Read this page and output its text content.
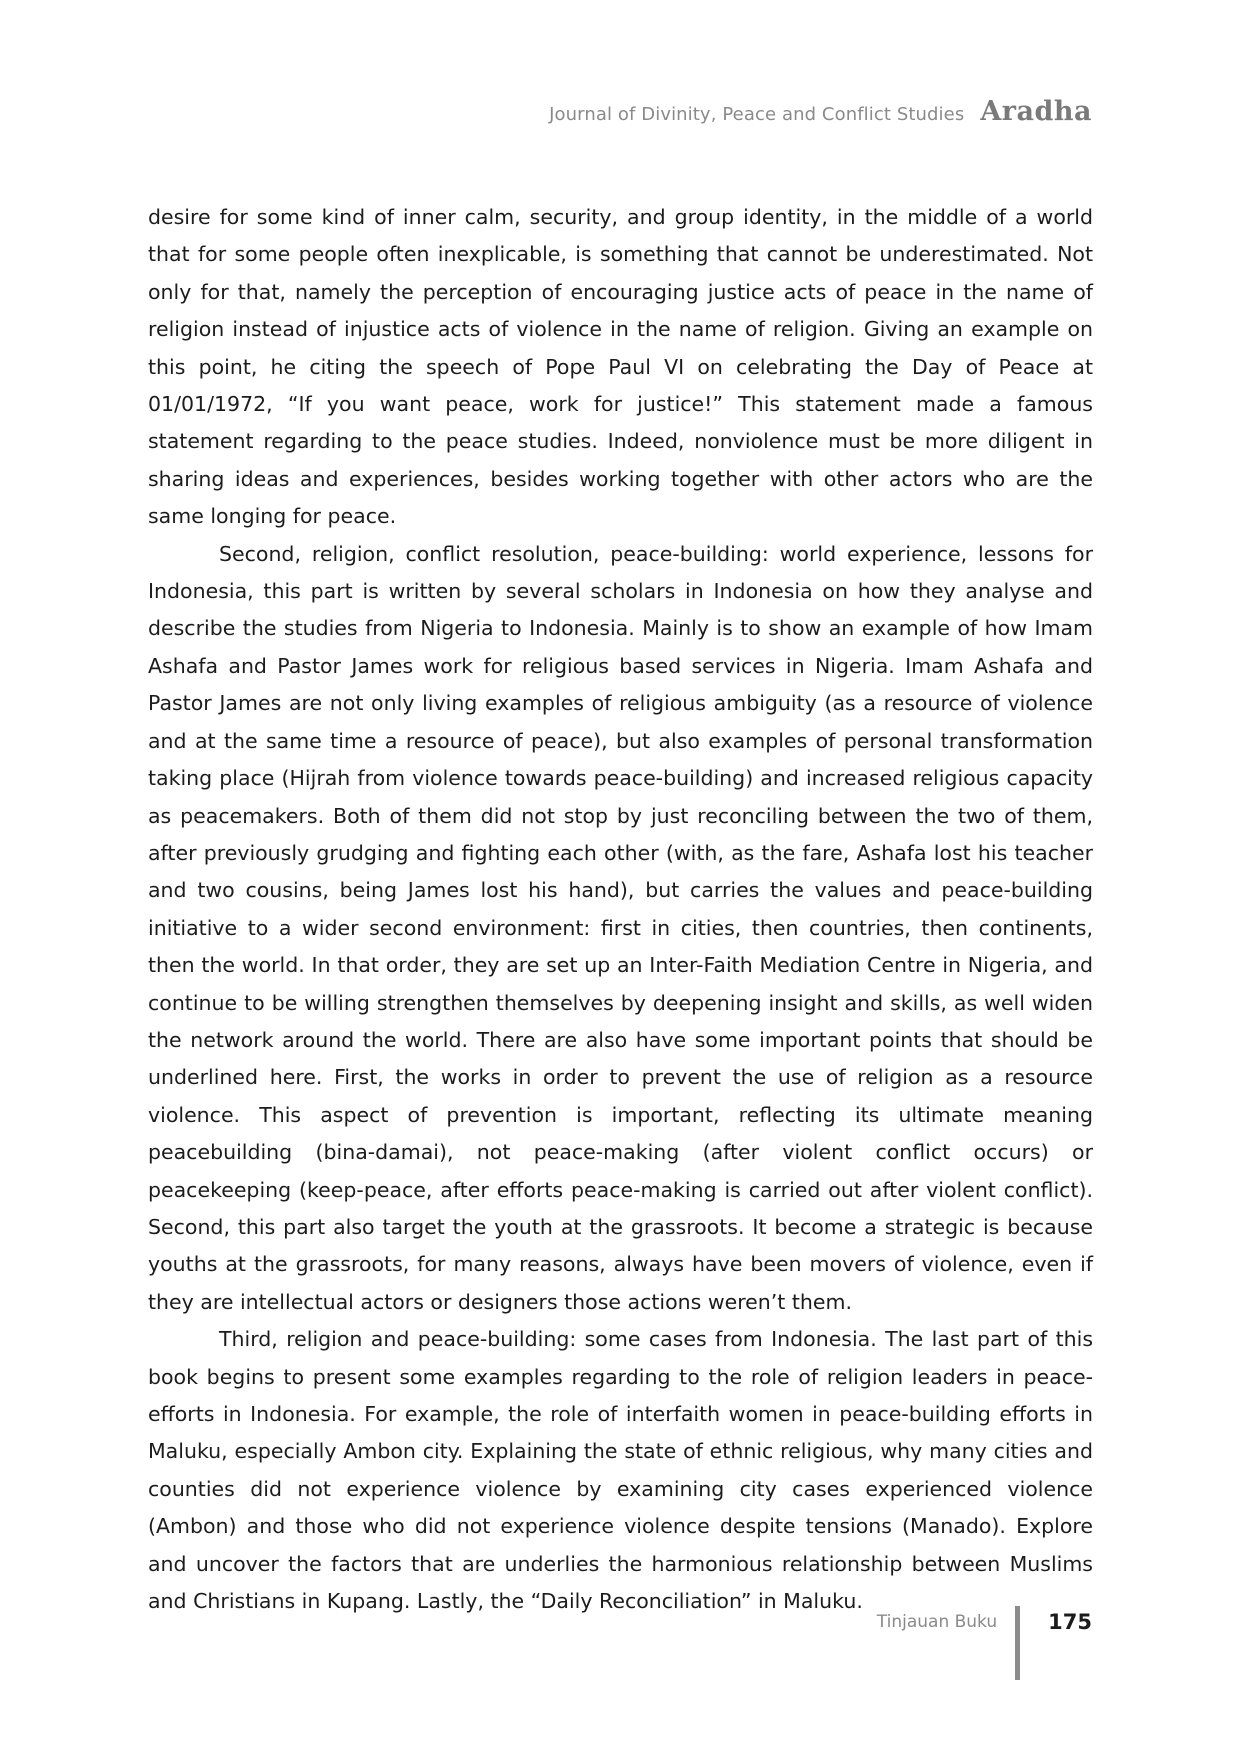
Journal of Divinity, Peace and Conflict Studies Aradha

desire for some kind of inner calm, security, and group identity, in the middle of a world that for some people often inexplicable, is something that cannot be underestimated. Not only for that, namely the perception of encouraging justice acts of peace in the name of religion instead of injustice acts of violence in the name of religion. Giving an example on this point, he citing the speech of Pope Paul VI on celebrating the Day of Peace at 01/01/1972, “If you want peace, work for justice!” This statement made a famous statement regarding to the peace studies. Indeed, nonviolence must be more diligent in sharing ideas and experiences, besides working together with other actors who are the same longing for peace.

Second, religion, conflict resolution, peace-building: world experience, lessons for Indonesia, this part is written by several scholars in Indonesia on how they analyse and describe the studies from Nigeria to Indonesia. Mainly is to show an example of how Imam Ashafa and Pastor James work for religious based services in Nigeria. Imam Ashafa and Pastor James are not only living examples of religious ambiguity (as a resource of violence and at the same time a resource of peace), but also examples of personal transformation taking place (Hijrah from violence towards peace-building) and increased religious capacity as peacemakers. Both of them did not stop by just reconciling between the two of them, after previously grudging and fighting each other (with, as the fare, Ashafa lost his teacher and two cousins, being James lost his hand), but carries the values and peace-building initiative to a wider second environment: first in cities, then countries, then continents, then the world. In that order, they are set up an Inter-Faith Mediation Centre in Nigeria, and continue to be willing strengthen themselves by deepening insight and skills, as well widen the network around the world. There are also have some important points that should be underlined here. First, the works in order to prevent the use of religion as a resource violence. This aspect of prevention is important, reflecting its ultimate meaning peacebuilding (bina-damai), not peace-making (after violent conflict occurs) or peacekeeping (keep-peace, after efforts peace-making is carried out after violent conflict). Second, this part also target the youth at the grassroots. It become a strategic is because youths at the grassroots, for many reasons, always have been movers of violence, even if they are intellectual actors or designers those actions weren’t them.

Third, religion and peace-building: some cases from Indonesia. The last part of this book begins to present some examples regarding to the role of religion leaders in peace-efforts in Indonesia. For example, the role of interfaith women in peace-building efforts in Maluku, especially Ambon city. Explaining the state of ethnic religious, why many cities and counties did not experience violence by examining city cases experienced violence (Ambon) and those who did not experience violence despite tensions (Manado). Explore and uncover the factors that are underlies the harmonious relationship between Muslims and Christians in Kupang. Lastly, the “Daily Reconciliation” in Maluku.

Tinjauan Buku 175
